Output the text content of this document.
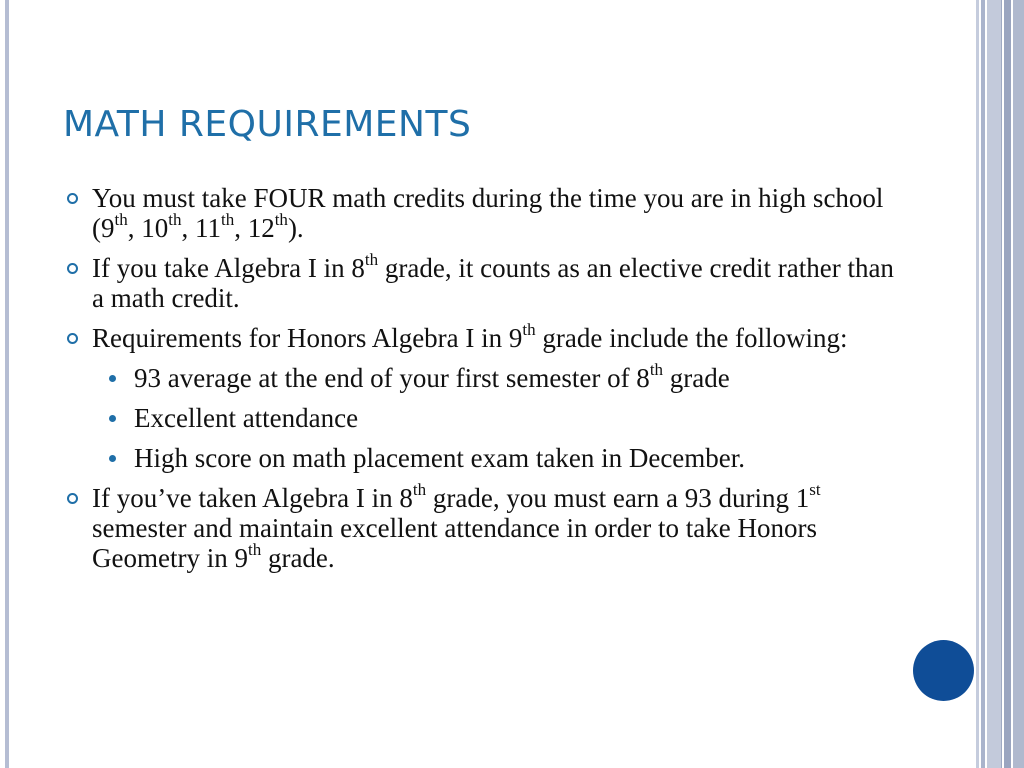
MATH REQUIREMENTS
You must take FOUR math credits during the time you are in high school (9th, 10th, 11th, 12th).
If you take Algebra I in 8th grade, it counts as an elective credit rather than a math credit.
Requirements for Honors Algebra I in 9th grade include the following:
93 average at the end of your first semester of 8th grade
Excellent attendance
High score on math placement exam taken in December.
If you’ve taken Algebra I in 8th grade, you must earn a 93 during 1st semester and maintain excellent attendance in order to take Honors Geometry in 9th grade.
